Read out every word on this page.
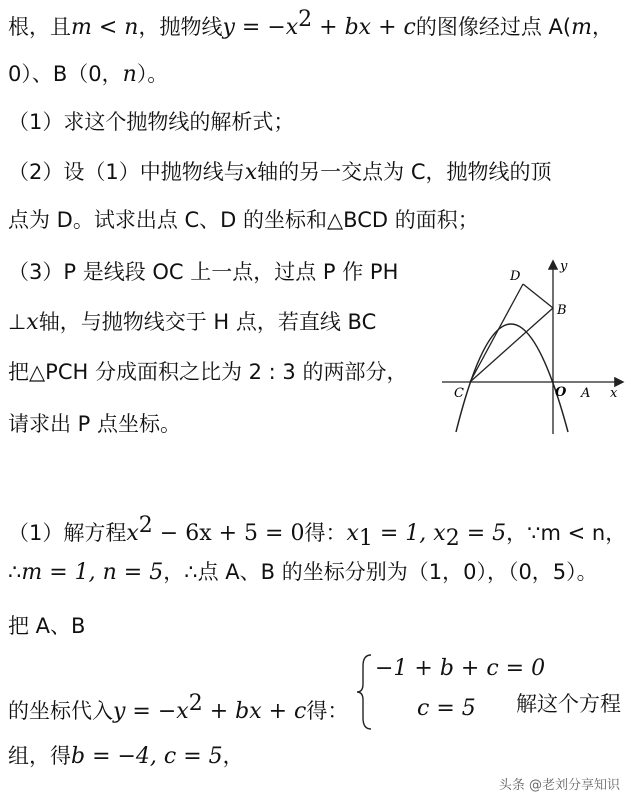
根，且m < n，抛物线$y = -x^2$ + bx + c的图像经过点 A(m，
0）、B（0，n）。
（1）求这个抛物线的解析式；
（2）设（1）中抛物线与x轴的另一交点为 C，抛物线的顶
点为 D。试求出点 C、D 的坐标和△BCD 的面积；
（3）P 是线段 OC 上一点，过点 P 作 PH
⊥x轴，与抛物线交于 H 点，若直线 BC
把△PCH 分成面积之比为 2 : 3 的两部分，
请求出 P 点坐标。
y
x
D
B
C	O A
（1）解方程$x^2 - 6x + 5 = 0$得：$x_1 = 1$, $x_2 = 5$，∵m < n，
∴m = 1, n = 5，∴点 A、B 的坐标分别为（1，0），（0，5）。
把 A、B
的坐标代入$y = -x^2$ + bx + c得：
−1 + b + c = 0
c = 5 解这个方程
组，得b = −4, c = 5，
头条 @老刘分享知识
